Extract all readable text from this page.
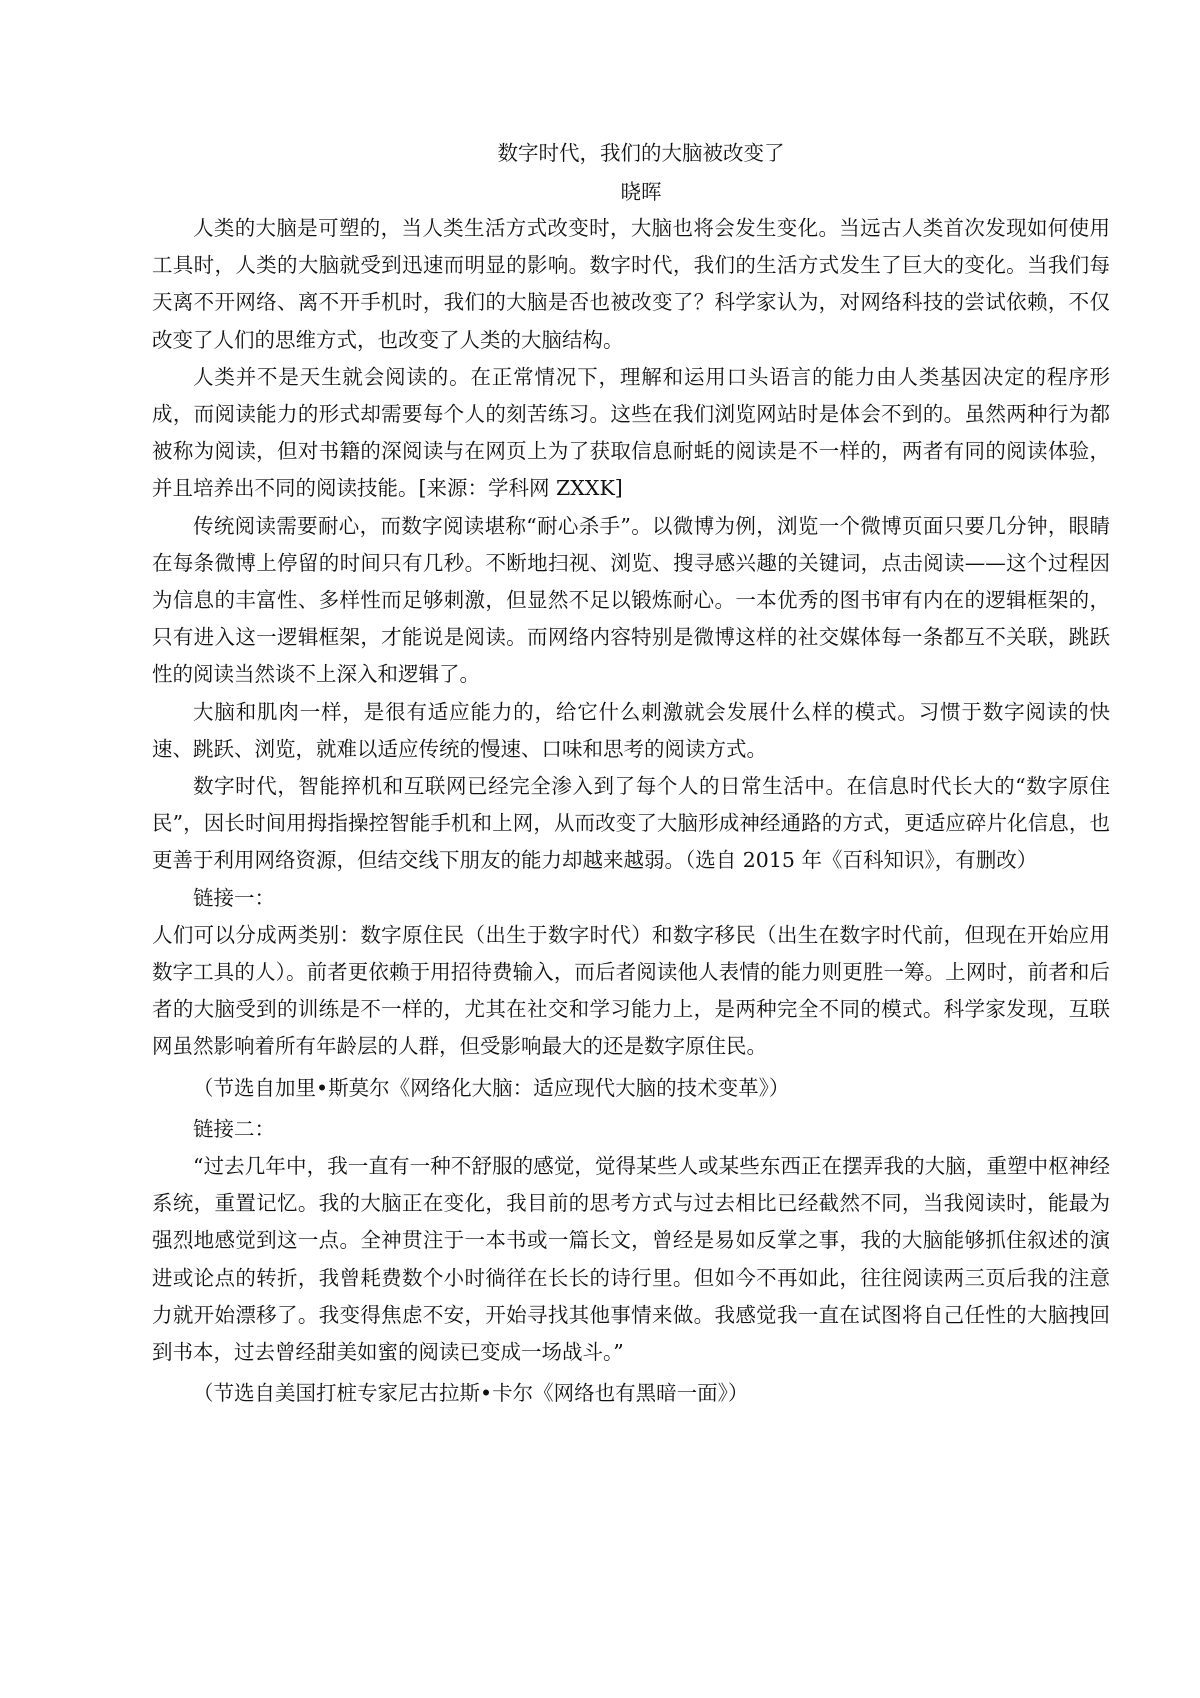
数字时代，我们的大脑被改变了
晓晖

人类的大脑是可塑的，当人类生活方式改变时，大脑也将会发生变化。当远古人类首次发现如何使用工具时，人类的大脑就受到迅速而明显的影响。数字时代，我们的生活方式发生了巨大的变化。当我们每天离不开网络、离不开手机时，我们的大脑是否也被改变了？科学家认为，对网络科技的尝试依赖，不仅改变了人们的思维方式，也改变了人类的大脑结构。

人类并不是天生就会阅读的。在正常情况下，理解和运用口头语言的能力由人类基因决定的程序形成，而阅读能力的形式却需要每个人的刻苦练习。这些在我们浏览网站时是体会不到的。虽然两种行为都被称为阅读，但对书籍的深阅读与在网页上为了获取信息耐蚝的阅读是不一样的，两者有同的阅读体验，并且培养出不同的阅读技能。[来源：学科网 ZXXK]

传统阅读需要耐心，而数字阅读堪称“耐心杀手”。以微博为例，浏览一个微博页面只要几分钟，眼睛在每条微博上停留的时间只有几秒。不断地扫视、浏览、搜寻感兴趣的关键词，点击阅读——这个过程因为信息的丰富性、多样性而足够刺激，但显然不足以锻炼耐心。一本优秀的图书审有内在的逻辑框架的，只有进入这一逻辑框架，才能说是阅读。而网络内容特别是微博这样的社交媒体每一条都互不关联，跳跃性的阅读当然谈不上深入和逻辑了。

大脑和肌肉一样，是很有适应能力的，给它什么刺激就会发展什么样的模式。习惯于数字阅读的快速、跳跃、浏览，就难以适应传统的慢速、口味和思考的阅读方式。

数字时代，智能捽机和互联网已经完全渗入到了每个人的日常生活中。在信息时代长大的“数字原住民”，因长时间用拇指操控智能手机和上网，从而改变了大脑形成神经通路的方式，更适应碎片化信息，也更善于利用网络资源，但结交线下朋友的能力却越来越弱。（选自 2015 年《百科知识》，有删改）

链接一：

人们可以分成两类别：数字原住民（出生于数字时代）和数字移民（出生在数字时代前，但现在开始应用数字工具的人）。前者更依赖于用招待费输入，而后者阅读他人表情的能力则更胜一筹。上网时，前者和后者的大脑受到的训练是不一样的，尤其在社交和学习能力上，是两种完全不同的模式。科学家发现，互联网虽然影响着所有年龄层的人群，但受影响最大的还是数字原住民。

（节选自加里•斯莫尔《网络化大脑：适应现代大脑的技术变革》）

链接二：

“过去几年中，我一直有一种不舒服的感觉，觉得某些人或某些东西正在摆弄我的大脑，重塑中枢神经系统，重置记忆。我的大脑正在变化，我目前的思考方式与过去相比已经截然不同，当我阅读时，能最为强烈地感觉到这一点。全神贯注于一本书或一篇长文，曾经是易如反掌之事，我的大脑能够抓住叙述的演进或论点的转折，我曾耗费数个小时徜徉在长长的诗行里。但如今不再如此，往往阅读两三页后我的注意力就开始漂移了。我变得焦虑不安，开始寻找其他事情来做。我感觉我一直在试图将自己任性的大脑拽回到书本，过去曾经甜美如蜜的阅读已变成一场战斗。”

（节选自美国打桩专家尼古拉斯•卡尔《网络也有黑暗一面》）
